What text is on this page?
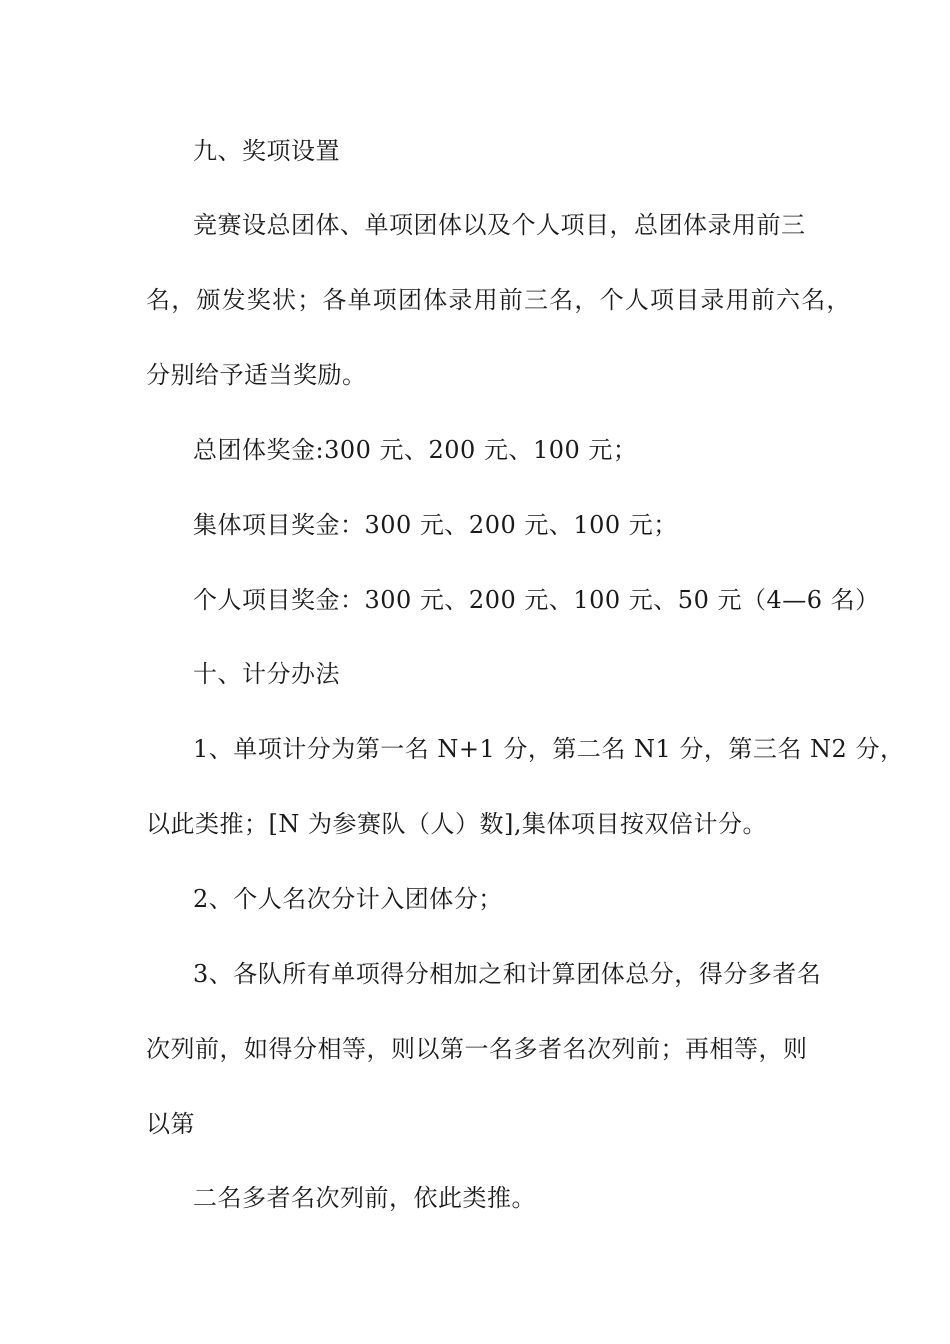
九、奖项设置
竞赛设总团体、单项团体以及个人项目，总团体录用前三
名，颁发奖状；各单项团体录用前三名，个人项目录用前六名，
分别给予适当奖励。
总团体奖金:300 元、200 元、100 元；
集体项目奖金：300 元、200 元、100 元；
个人项目奖金：300 元、200 元、100 元、50 元（4—6 名）
十、计分办法
1、单项计分为第一名 N+1 分，第二名 N1 分，第三名 N2 分，
以此类推；[N 为参赛队（人）数],集体项目按双倍计分。
2、个人名次分计入团体分；
3、各队所有单项得分相加之和计算团体总分，得分多者名
次列前，如得分相等，则以第一名多者名次列前；再相等，则
以第
二名多者名次列前，依此类推。
